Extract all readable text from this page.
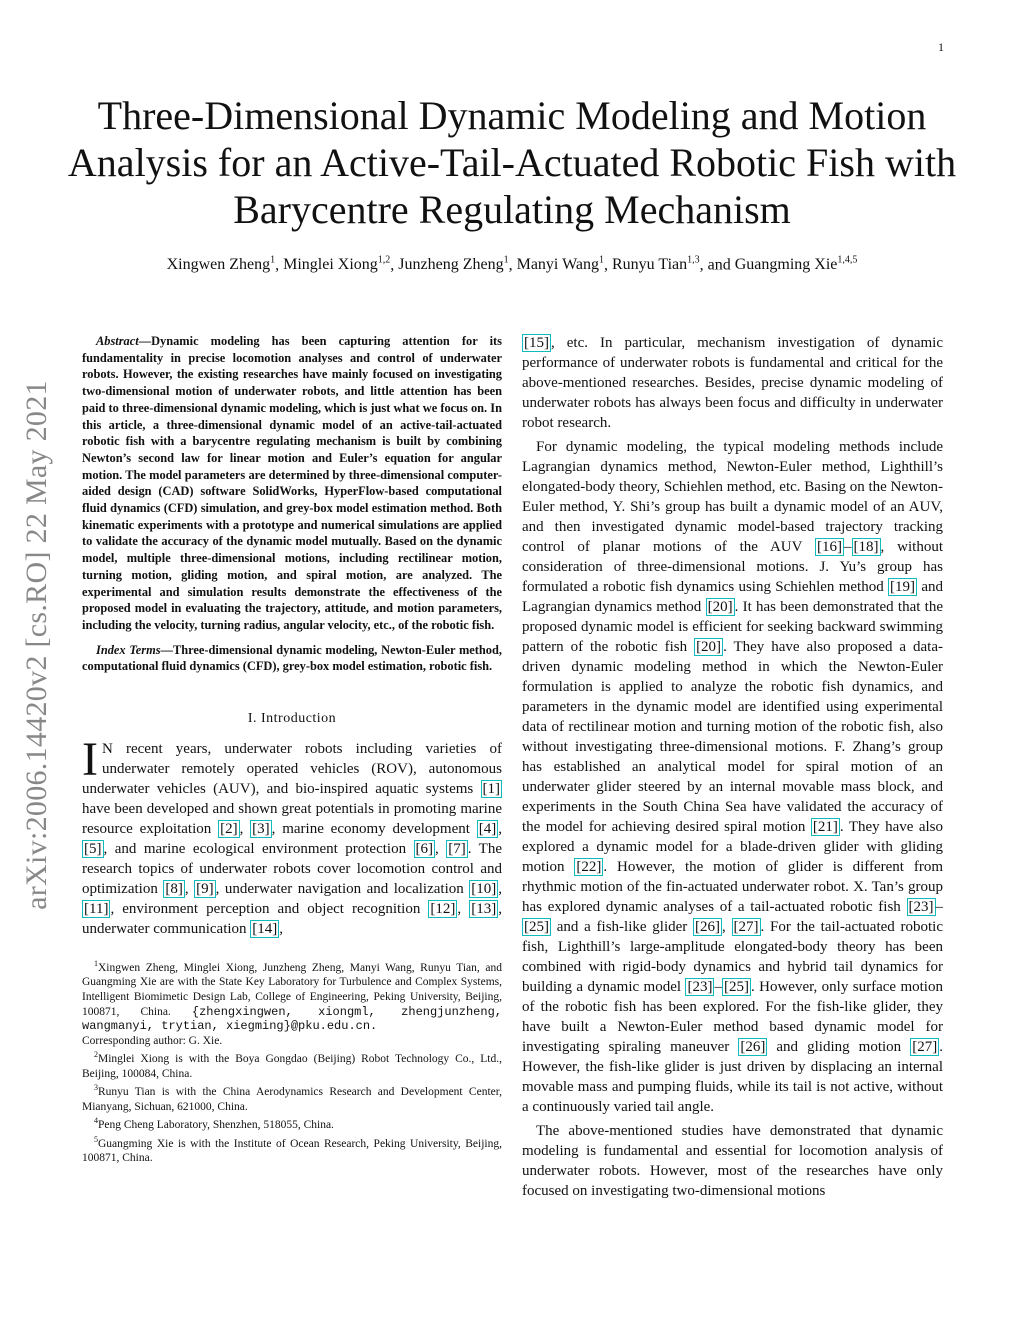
1
arXiv:2006.14420v2 [cs.RO] 22 May 2021
Three-Dimensional Dynamic Modeling and Motion Analysis for an Active-Tail-Actuated Robotic Fish with Barycentre Regulating Mechanism
Xingwen Zheng$^1$, Minglei Xiong$^{1,2}$, Junzheng Zheng$^1$, Manyi Wang$^1$, Runyu Tian$^{1,3}$, and Guangming Xie$^{1,4,5}$

Abstract—Dynamic modeling has been capturing attention for its fundamentality in precise locomotion analyses and control of underwater robots. However, the existing researches have mainly focused on investigating two-dimensional motion of underwater robots, and little attention has been paid to three-dimensional dynamic modeling, which is just what we focus on. In this article, a three-dimensional dynamic model of an active-tail-actuated robotic fish with a barycentre regulating mechanism is built by combining Newton’s second law for linear motion and Euler’s equation for angular motion. The model parameters are determined by three-dimensional computer-aided design (CAD) software SolidWorks, HyperFlow-based computational fluid dynamics (CFD) simulation, and grey-box model estimation method. Both kinematic experiments with a prototype and numerical simulations are applied to validate the accuracy of the dynamic model mutually. Based on the dynamic model, multiple three-dimensional motions, including rectilinear motion, turning motion, gliding motion, and spiral motion, are analyzed. The experimental and simulation results demonstrate the effectiveness of the proposed model in evaluating the trajectory, attitude, and motion parameters, including the velocity, turning radius, angular velocity, etc., of the robotic fish.

Index Terms—Three-dimensional dynamic modeling, Newton-Euler method, computational fluid dynamics (CFD), grey-box model estimation, robotic fish.

I. Introduction

I N recent years, underwater robots including varieties of underwater remotely operated vehicles (ROV), autonomous underwater vehicles (AUV), and bio-inspired aquatic systems [1] have been developed and shown great potentials in promoting marine resource exploitation [2] , [3] , marine economy development [4] , [5] , and marine ecological environment protection [6] , [7] . The research topics of underwater robots cover locomotion control and optimization [8] , [9] , underwater navigation and localization [10] , [11] , environment perception and object recognition [12] , [13] , underwater communication [14] ,

$^1$Xingwen Zheng, Minglei Xiong, Junzheng Zheng, Manyi Wang, Runyu Tian, and Guangming Xie are with the State Key Laboratory for Turbulence and Complex Systems, Intelligent Biomimetic Design Lab, College of Engineering, Peking University, Beijing, 100871, China. {zhengxingwen, xiongml, zhengjunzheng, wangmanyi, trytian, xiegming}@pku.edu.cn.

Corresponding author: G. Xie.

$^2$Minglei Xiong is with the Boya Gongdao (Beijing) Robot Technology Co., Ltd., Beijing, 100084, China.

$^3$Runyu Tian is with the China Aerodynamics Research and Development Center, Mianyang, Sichuan, 621000, China.

$^4$Peng Cheng Laboratory, Shenzhen, 518055, China.

$^5$Guangming Xie is with the Institute of Ocean Research, Peking University, Beijing, 100871, China.

[15] , etc. In particular, mechanism investigation of dynamic performance of underwater robots is fundamental and critical for the above-mentioned researches. Besides, precise dynamic modeling of underwater robots has always been focus and difficulty in underwater robot research.

For dynamic modeling, the typical modeling methods include Lagrangian dynamics method, Newton-Euler method, Lighthill’s elongated-body theory, Schiehlen method, etc. Basing on the Newton-Euler method, Y. Shi’s group has built a dynamic model of an AUV, and then investigated dynamic model-based trajectory tracking control of planar motions of the AUV [16] – [18] , without consideration of three-dimensional motions. J. Yu’s group has formulated a robotic fish dynamics using Schiehlen method [19] and Lagrangian dynamics method [20] . It has been demonstrated that the proposed dynamic model is efficient for seeking backward swimming pattern of the robotic fish [20] . They have also proposed a data-driven dynamic modeling method in which the Newton-Euler formulation is applied to analyze the robotic fish dynamics, and parameters in the dynamic model are identified using experimental data of rectilinear motion and turning motion of the robotic fish, also without investigating three-dimensional motions. F. Zhang’s group has established an analytical model for spiral motion of an underwater glider steered by an internal movable mass block, and experiments in the South China Sea have validated the accuracy of the model for achieving desired spiral motion [21] . They have also explored a dynamic model for a blade-driven glider with gliding motion [22] . However, the motion of glider is different from rhythmic motion of the fin-actuated underwater robot. X. Tan’s group has explored dynamic analyses of a tail-actuated robotic fish [23] –[25] and a fish-like glider [26] , [27] . For the tail-actuated robotic fish, Lighthill’s large-amplitude elongated-body theory has been combined with rigid-body dynamics and hybrid tail dynamics for building a dynamic model [23] – [25] . However, only surface motion of the robotic fish has been explored. For the fish-like glider, they have built a Newton-Euler method based dynamic model for investigating spiraling maneuver [26] and gliding motion [27] . However, the fish-like glider is just driven by displacing an internal movable mass and pumping fluids, while its tail is not active, without a continuously varied tail angle.

The above-mentioned studies have demonstrated that dynamic modeling is fundamental and essential for locomotion analysis of underwater robots. However, most of the researches have only focused on investigating two-dimensional motions
